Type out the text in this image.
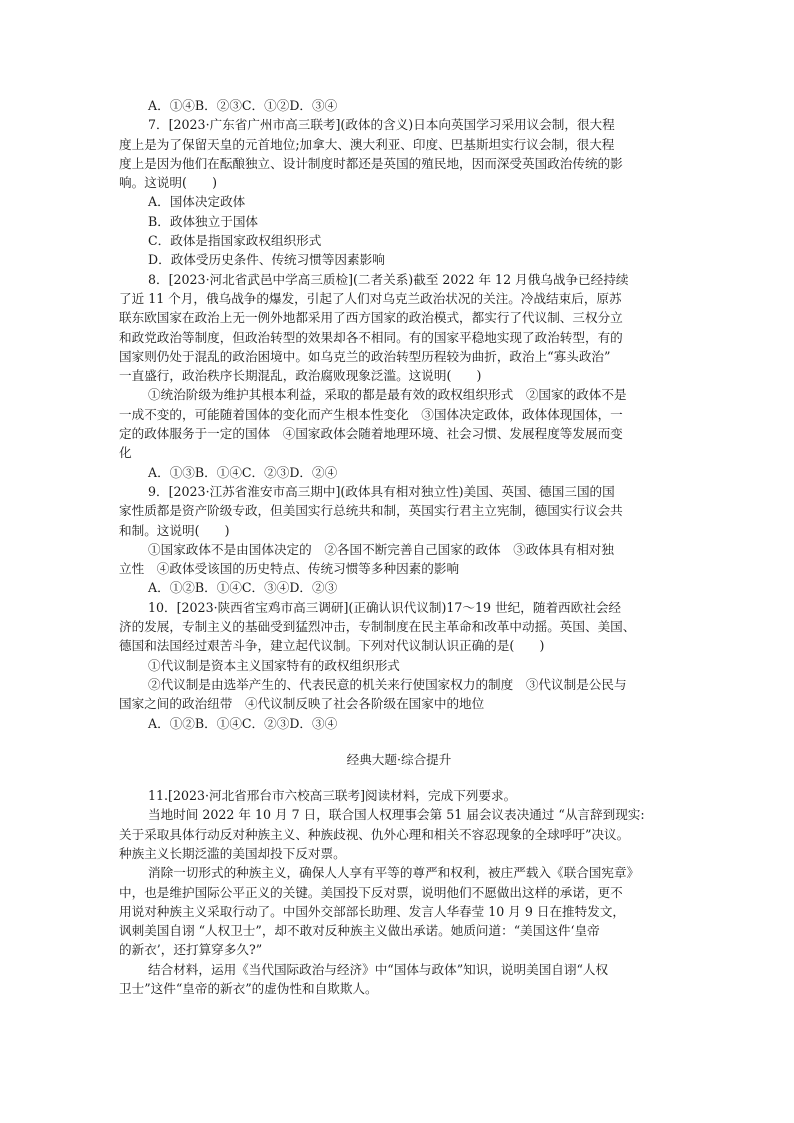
A．①④B．②③C．①②D．③④
7．[2023·广东省广州市高三联考](政体的含义)日本向英国学习采用议会制，很大程
度上是为了保留天皇的元首地位;加拿大、澳大利亚、印度、巴基斯坦实行议会制，很大程
度上是因为他们在酝酿独立、设计制度时都还是英国的殖民地，因而深受英国政治传统的影
响。这说明(　　)
A．国体决定政体
B．政体独立于国体
C．政体是指国家政权组织形式
D．政体受历史条件、传统习惯等因素影响
8．[2023·河北省武邑中学高三质检](二者关系)截至 2022 年 12 月俄乌战争已经持续
了近 11 个月，俄乌战争的爆发，引起了人们对乌克兰政治状况的关注。冷战结束后，原苏
联东欧国家在政治上无一例外地都采用了西方国家的政治模式，都实行了代议制、三权分立
和政党政治等制度，但政治转型的效果却各不相同。有的国家平稳地实现了政治转型，有的
国家则仍处于混乱的政治困境中。如乌克兰的政治转型历程较为曲折，政治上“寡头政治”
一直盛行，政治秩序长期混乱，政治腐败现象泛滥。这说明(　　)
①统治阶级为维护其根本利益，采取的都是最有效的政权组织形式　②国家的政体不是
一成不变的，可能随着国体的变化而产生根本性变化　③国体决定政体，政体体现国体，一
定的政体服务于一定的国体　④国家政体会随着地理环境、社会习惯、发展程度等发展而变
化
A．①③B．①④C．②③D．②④
9．[2023·江苏省淮安市高三期中](政体具有相对独立性)美国、英国、德国三国的国
家性质都是资产阶级专政，但美国实行总统共和制，英国实行君主立宪制，德国实行议会共
和制。这说明(　　)
①国家政体不是由国体决定的　②各国不断完善自己国家的政体　③政体具有相对独
立性　④政体受该国的历史特点、传统习惯等多种因素的影响
A．①②B．①④C．③④D．②③
10．[2023·陕西省宝鸡市高三调研](正确认识代议制)17～19 世纪，随着西欧社会经
济的发展，专制主义的基础受到猛烈冲击，专制制度在民主革命和改革中动摇。英国、美国、
德国和法国经过艰苦斗争，建立起代议制。下列对代议制认识正确的是(　　)
①代议制是资本主义国家特有的政权组织形式
②代议制是由选举产生的、代表民意的机关来行使国家权力的制度　③代议制是公民与
国家之间的政治纽带　④代议制反映了社会各阶级在国家中的地位
A．①②B．①④C．②③D．③④
经典大题·综合提升
11.[2023·河北省邢台市六校高三联考]阅读材料，完成下列要求。
当地时间 2022 年 10 月 7 日，联合国人权理事会第 51 届会议表决通过 “从言辞到现实:
关于采取具体行动反对种族主义、种族歧视、仇外心理和相关不容忍现象的全球呼吁”决议。
种族主义长期泛滥的美国却投下反对票。
消除一切形式的种族主义，确保人人享有平等的尊严和权利，被庄严载入《联合国宪章》
中，也是维护国际公平正义的关键。美国投下反对票，说明他们不愿做出这样的承诺，更不
用说对种族主义采取行动了。中国外交部部长助理、发言人华春莹 10 月 9 日在推特发文，
讽刺美国自诩 “人权卫士”，却不敢对反种族主义做出承诺。她质问道：“美国这件‘皇帝
的新衣’，还打算穿多久?”
结合材料，运用《当代国际政治与经济》中“国体与政体”知识，说明美国自诩“人权
卫士”这件“皇帝的新衣”的虚伪性和自欺欺人。
